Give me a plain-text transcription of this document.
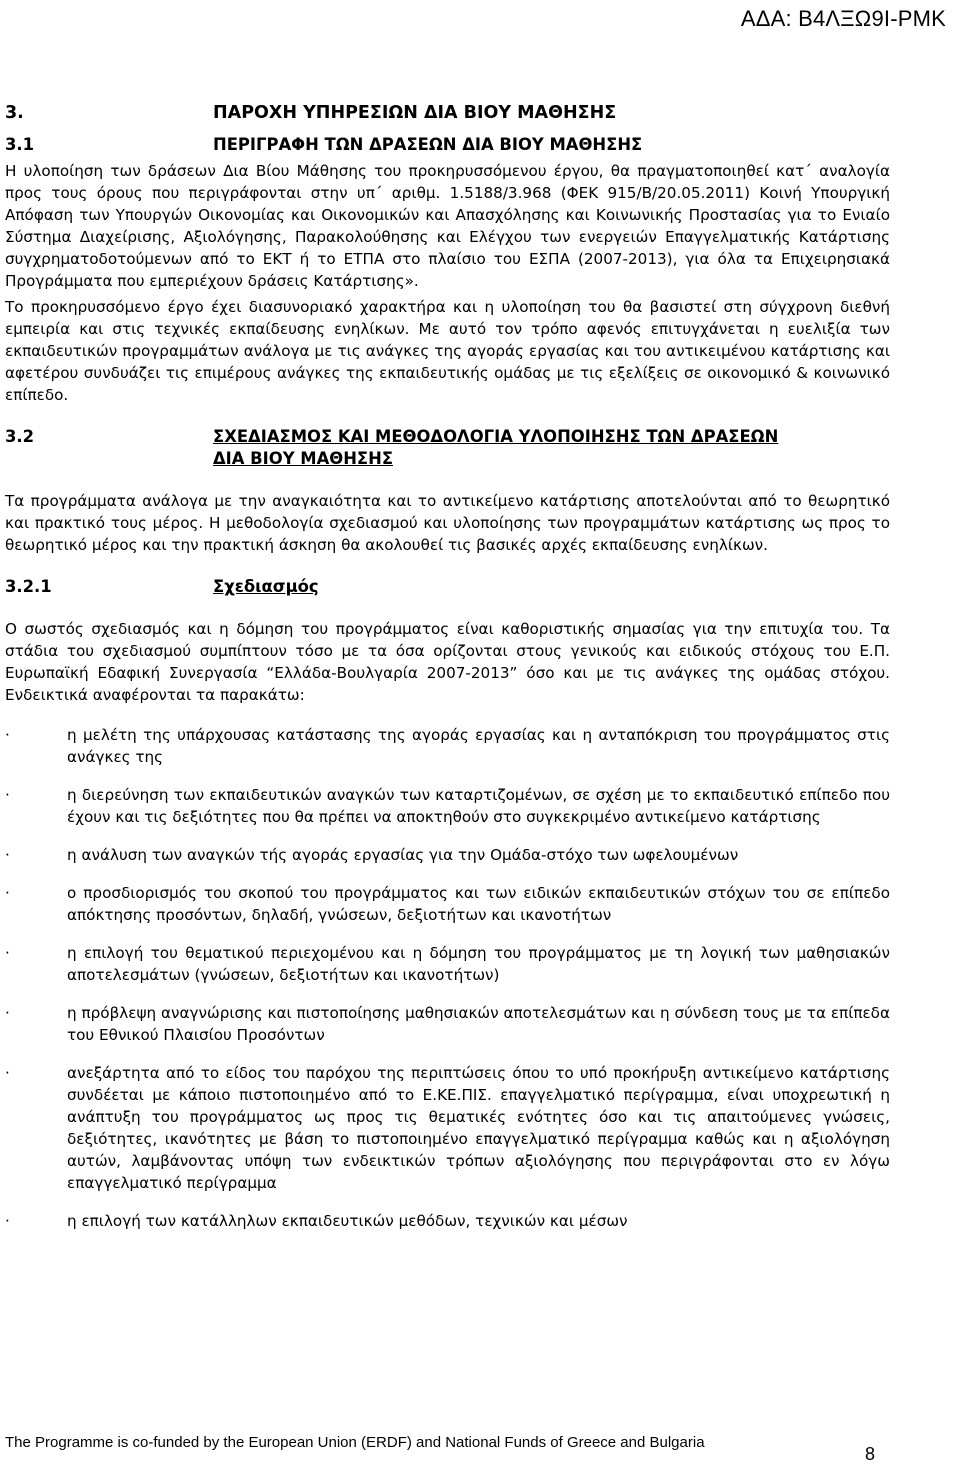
ΑΔΑ: Β4ΛΞΩ9Ι-ΡΜΚ
3.	ΠΑΡΟΧΗ ΥΠΗΡΕΣΙΩΝ ΔΙΑ ΒΙΟΥ ΜΑΘΗΣΗΣ
3.1	ΠΕΡΙΓΡΑΦΗ ΤΩΝ ΔΡΑΣΕΩΝ ΔΙΑ ΒΙΟΥ ΜΑΘΗΣΗΣ

Η υλοποίηση των δράσεων Δια Βίου Μάθησης του προκηρυσσόμενου έργου, θα πραγματοποιηθεί κατ΄ αναλογία προς τους όρους που περιγράφονται στην υπ΄ αριθμ. 1.5188/3.968 (ΦΕΚ 915/Β/20.05.2011) Κοινή Υπουργική Απόφαση των Υπουργών Οικονομίας και Οικονομικών και Απασχόλησης και Κοινωνικής Προστασίας για το Ενιαίο Σύστημα Διαχείρισης, Αξιολόγησης, Παρακολούθησης και Ελέγχου των ενεργειών Επαγγελματικής Κατάρτισης συγχρηματοδοτούμενων από το ΕΚΤ ή το ΕΤΠΑ στο πλαίσιο του ΕΣΠΑ (2007-2013), για όλα τα Επιχειρησιακά Προγράμματα που εμπεριέχουν δράσεις Κατάρτισης».

Το προκηρυσσόμενο έργο έχει διασυνοριακό χαρακτήρα και η υλοποίηση του θα βασιστεί στη σύγχρονη διεθνή εμπειρία και στις τεχνικές εκπαίδευσης ενηλίκων. Με αυτό τον τρόπο αφενός επιτυγχάνεται η ευελιξία των εκπαιδευτικών προγραμμάτων ανάλογα με τις ανάγκες της αγοράς εργασίας και του αντικειμένου κατάρτισης και αφετέρου συνδυάζει τις επιμέρους ανάγκες της εκπαιδευτικής ομάδας με τις εξελίξεις σε οικονομικό & κοινωνικό επίπεδο.

3.2	ΣΧΕΔΙΑΣΜΟΣ ΚΑΙ ΜΕΘΟΔΟΛΟΓΙΑ ΥΛΟΠΟΙΗΣΗΣ ΤΩΝ ΔΡΑΣΕΩΝ
ΔΙΑ ΒΙΟΥ ΜΑΘΗΣΗΣ

Τα προγράμματα ανάλογα με την αναγκαιότητα και το αντικείμενο κατάρτισης αποτελούνται από το θεωρητικό και πρακτικό τους μέρος. Η μεθοδολογία σχεδιασμού και υλοποίησης των προγραμμάτων κατάρτισης ως προς το θεωρητικό μέρος και την πρακτική άσκηση θα ακολουθεί τις βασικές αρχές εκπαίδευσης ενηλίκων.

3.2.1	Σχεδιασμός

Ο σωστός σχεδιασμός και η δόμηση του προγράμματος είναι καθοριστικής σημασίας για την επιτυχία του. Τα στάδια του σχεδιασμού συμπίπτουν τόσο με τα όσα ορίζονται στους γενικούς και ειδικούς στόχους του Ε.Π. Ευρωπαϊκή Εδαφική Συνεργασία “Ελλάδα-Βουλγαρία 2007-2013” όσο και με τις ανάγκες της ομάδας στόχου. Ενδεικτικά αναφέρονται τα παρακάτω:

·	η μελέτη της υπάρχουσας κατάστασης της αγοράς εργασίας και η ανταπόκριση του προγράμματος στις ανάγκες της
·	η διερεύνηση των εκπαιδευτικών αναγκών των καταρτιζομένων, σε σχέση με το εκπαιδευτικό επίπεδο που έχουν και τις δεξιότητες που θα πρέπει να αποκτηθούν στο συγκεκριμένο αντικείμενο κατάρτισης
·	η ανάλυση των αναγκών τής αγοράς εργασίας για την Ομάδα-στόχο των ωφελουμένων
·	ο προσδιορισμός του σκοπού του προγράμματος και των ειδικών εκπαιδευτικών στόχων του σε επίπεδο απόκτησης προσόντων, δηλαδή, γνώσεων, δεξιοτήτων και ικανοτήτων
·	η επιλογή του θεματικού περιεχομένου και η δόμηση του προγράμματος με τη λογική των μαθησιακών αποτελεσμάτων (γνώσεων, δεξιοτήτων και ικανοτήτων)
·	η πρόβλεψη αναγνώρισης και πιστοποίησης μαθησιακών αποτελεσμάτων και η σύνδεση τους με τα επίπεδα του Εθνικού Πλαισίου Προσόντων
·	ανεξάρτητα από το είδος του παρόχου της περιπτώσεις όπου το υπό προκήρυξη αντικείμενο κατάρτισης συνδέεται με κάποιο πιστοποιημένο από το Ε.ΚΕ.ΠΙΣ. επαγγελματικό περίγραμμα, είναι υποχρεωτική η ανάπτυξη του προγράμματος ως προς τις θεματικές ενότητες όσο και τις απαιτούμενες γνώσεις, δεξιότητες, ικανότητες με βάση το πιστοποιημένο επαγγελματικό περίγραμμα καθώς και η αξιολόγηση αυτών, λαμβάνοντας υπόψη των ενδεικτικών τρόπων αξιολόγησης που περιγράφονται στο εν λόγω επαγγελματικό περίγραμμα
·	η επιλογή των κατάλληλων εκπαιδευτικών μεθόδων, τεχνικών και μέσων
The Programme is co-funded by the European Union (ERDF) and National Funds of Greece and Bulgaria
8
